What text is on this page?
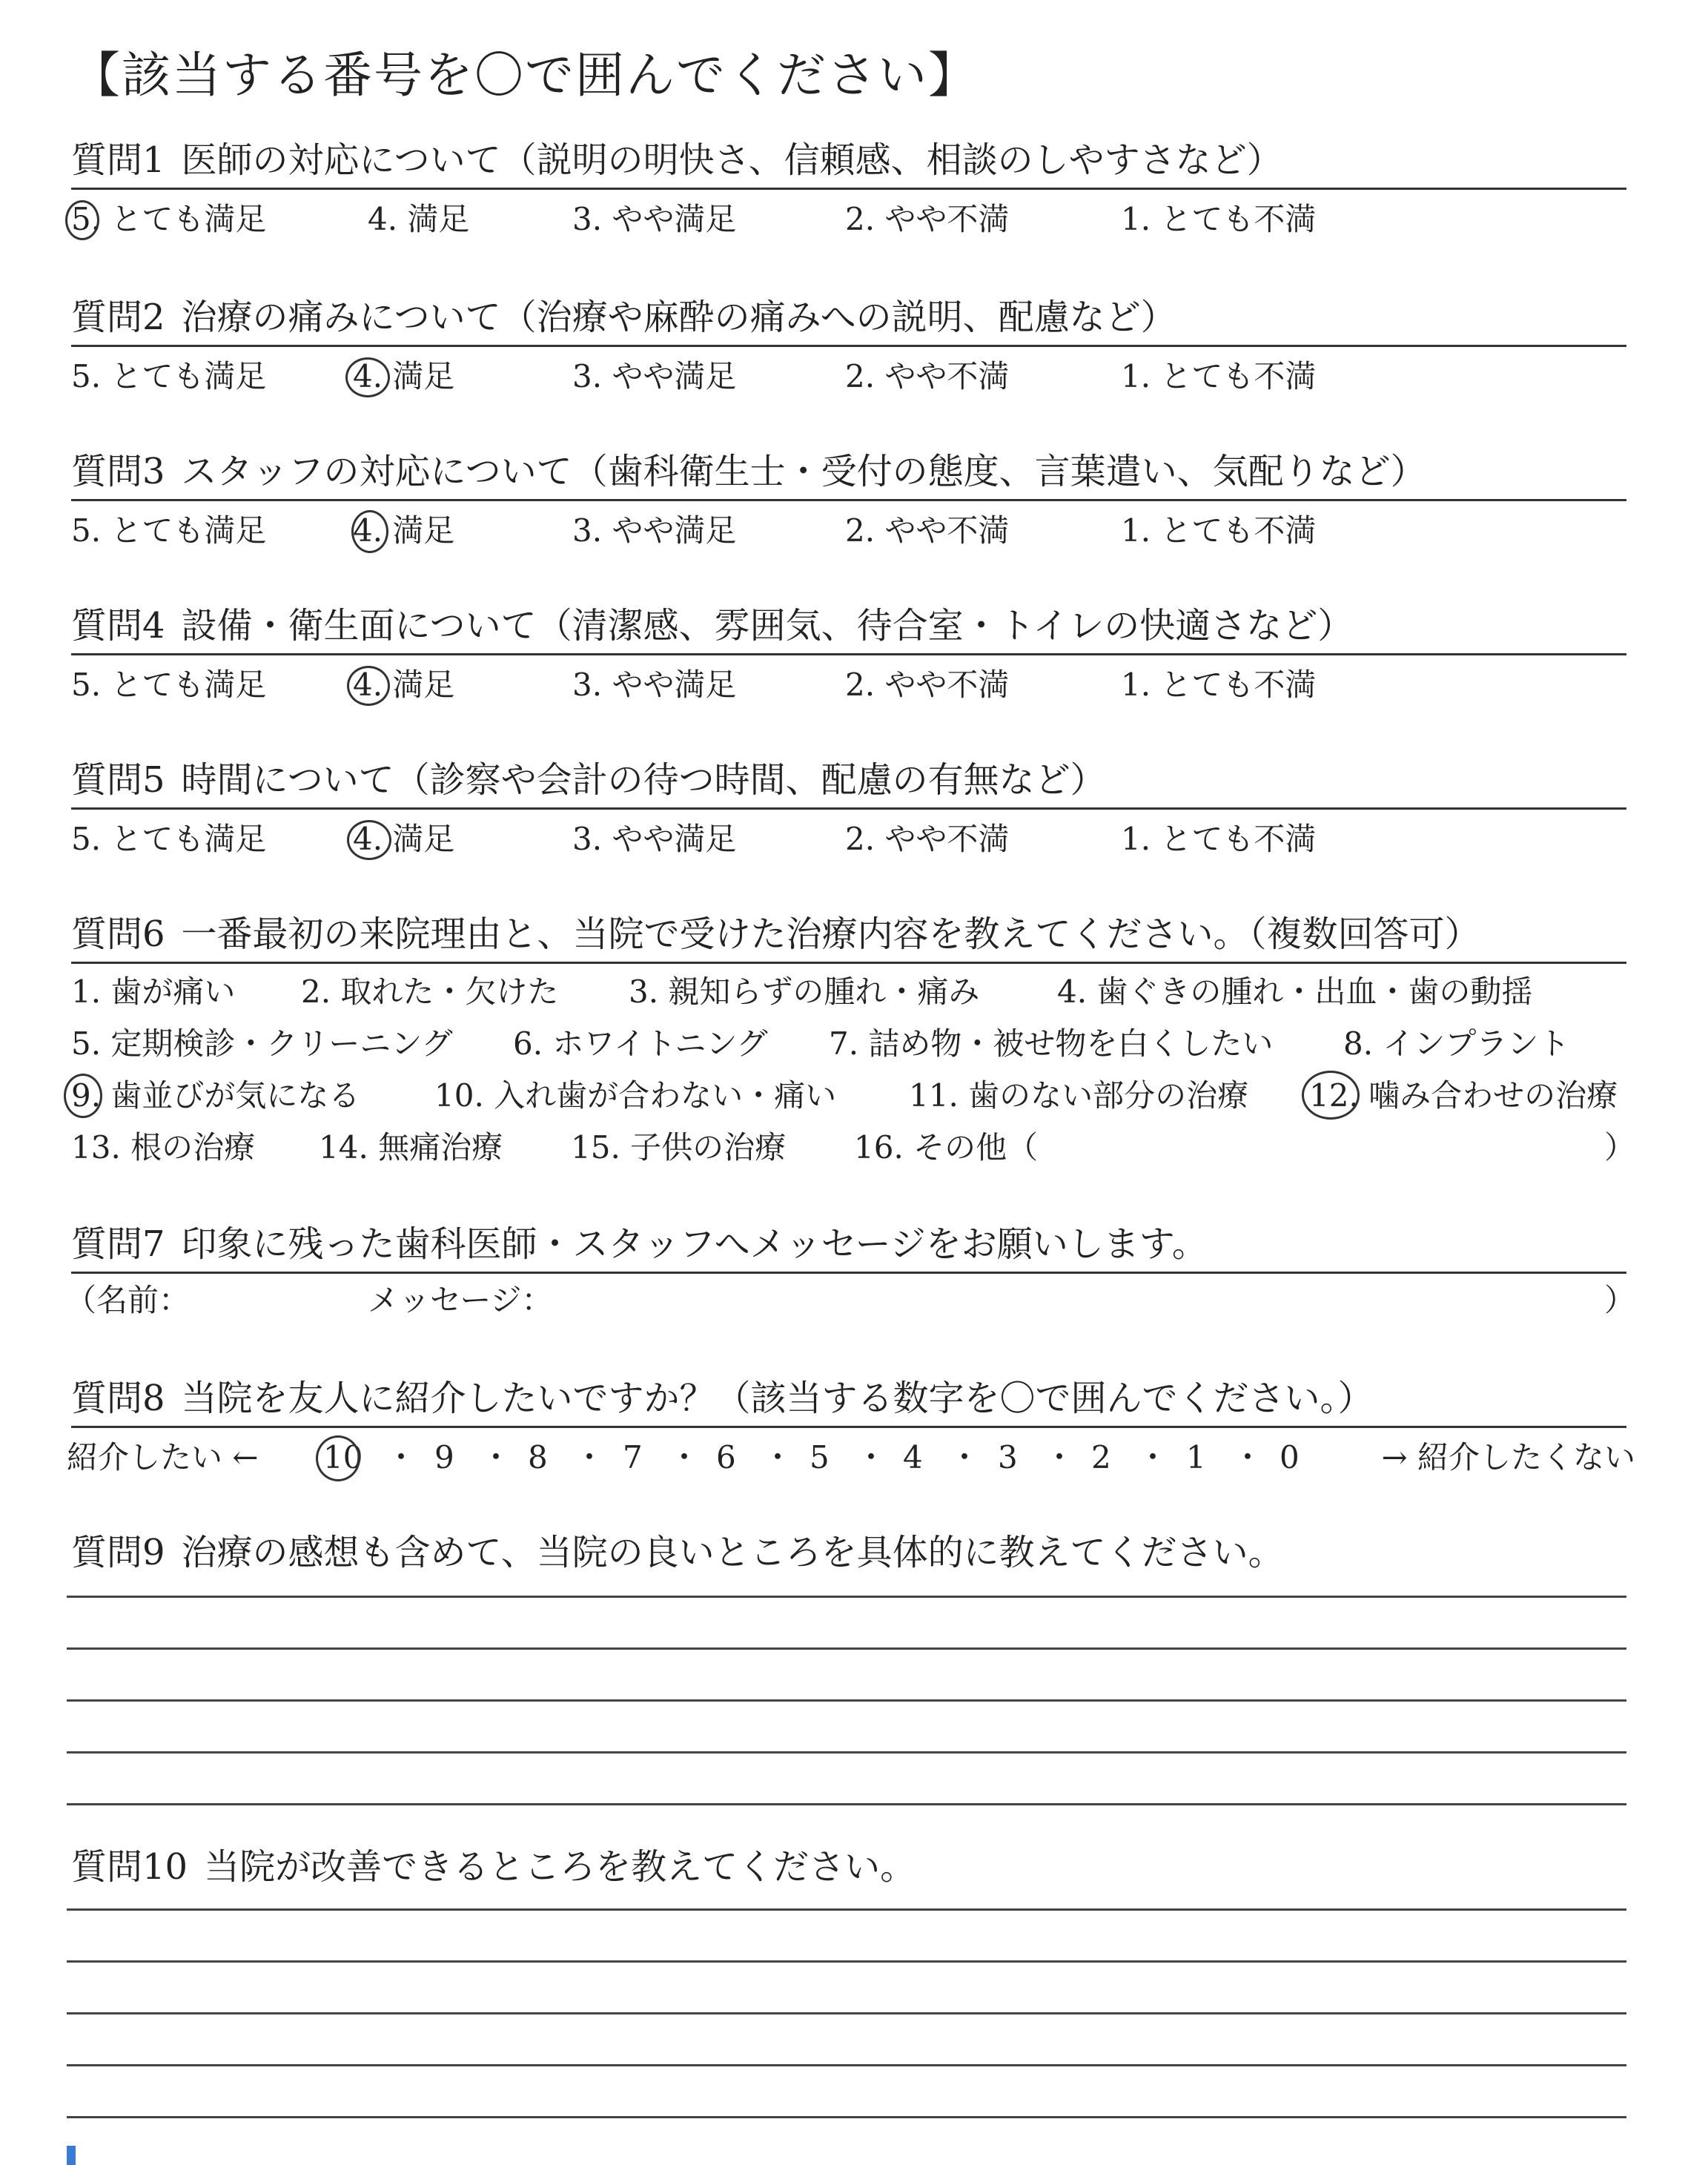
【該当する番号を〇で囲んでください】
質問1 医師の対応について（説明の明快さ、信頼感、相談のしやすさなど）
5. とても満足	4. 満足	3. やや満足	2. やや不満	1. とても不満
質問2 治療の痛みについて（治療や麻酔の痛みへの説明、配慮など）
5. とても満足	4. 満足	3. やや満足	2. やや不満	1. とても不満
質問3 スタッフの対応について（歯科衛生士・受付の態度、言葉遣い、気配りなど）
5. とても満足	4. 満足	3. やや満足	2. やや不満	1. とても不満
質問4 設備・衛生面について（清潔感、雰囲気、待合室・トイレの快適さなど）
5. とても満足	4. 満足	3. やや満足	2. やや不満	1. とても不満
質問5 時間について（診察や会計の待つ時間、配慮の有無など）
5. とても満足	4. 満足	3. やや満足	2. やや不満	1. とても不満
質問6 一番最初の来院理由と、当院で受けた治療内容を教えてください。（複数回答可）
1. 歯が痛い 2. 取れた・欠けた 3. 親知らずの腫れ・痛み 4. 歯ぐきの腫れ・出血・歯の動揺
5. 定期検診・クリーニング 6. ホワイトニング 7. 詰め物・被せ物を白くしたい 8. インプラント
9. 歯並びが気になる 10. 入れ歯が合わない・痛い 11. 歯のない部分の治療 12. 噛み合わせの治療
13. 根の治療 14. 無痛治療 15. 子供の治療 16. その他（	）
質問7 印象に残った歯科医師・スタッフへメッセージをお願いします。
（名前：	メッセージ：	）
質問8 当院を友人に紹介したいですか？（該当する数字を〇で囲んでください。）
紹介したい ← 10 ・ 9 ・ 8 ・ 7 ・ 6 ・ 5 ・ 4 ・ 3 ・ 2 ・ 1 ・ 0	→ 紹介したくない
質問9 治療の感想も含めて、当院の良いところを具体的に教えてください。
質問10 当院が改善できるところを教えてください。
